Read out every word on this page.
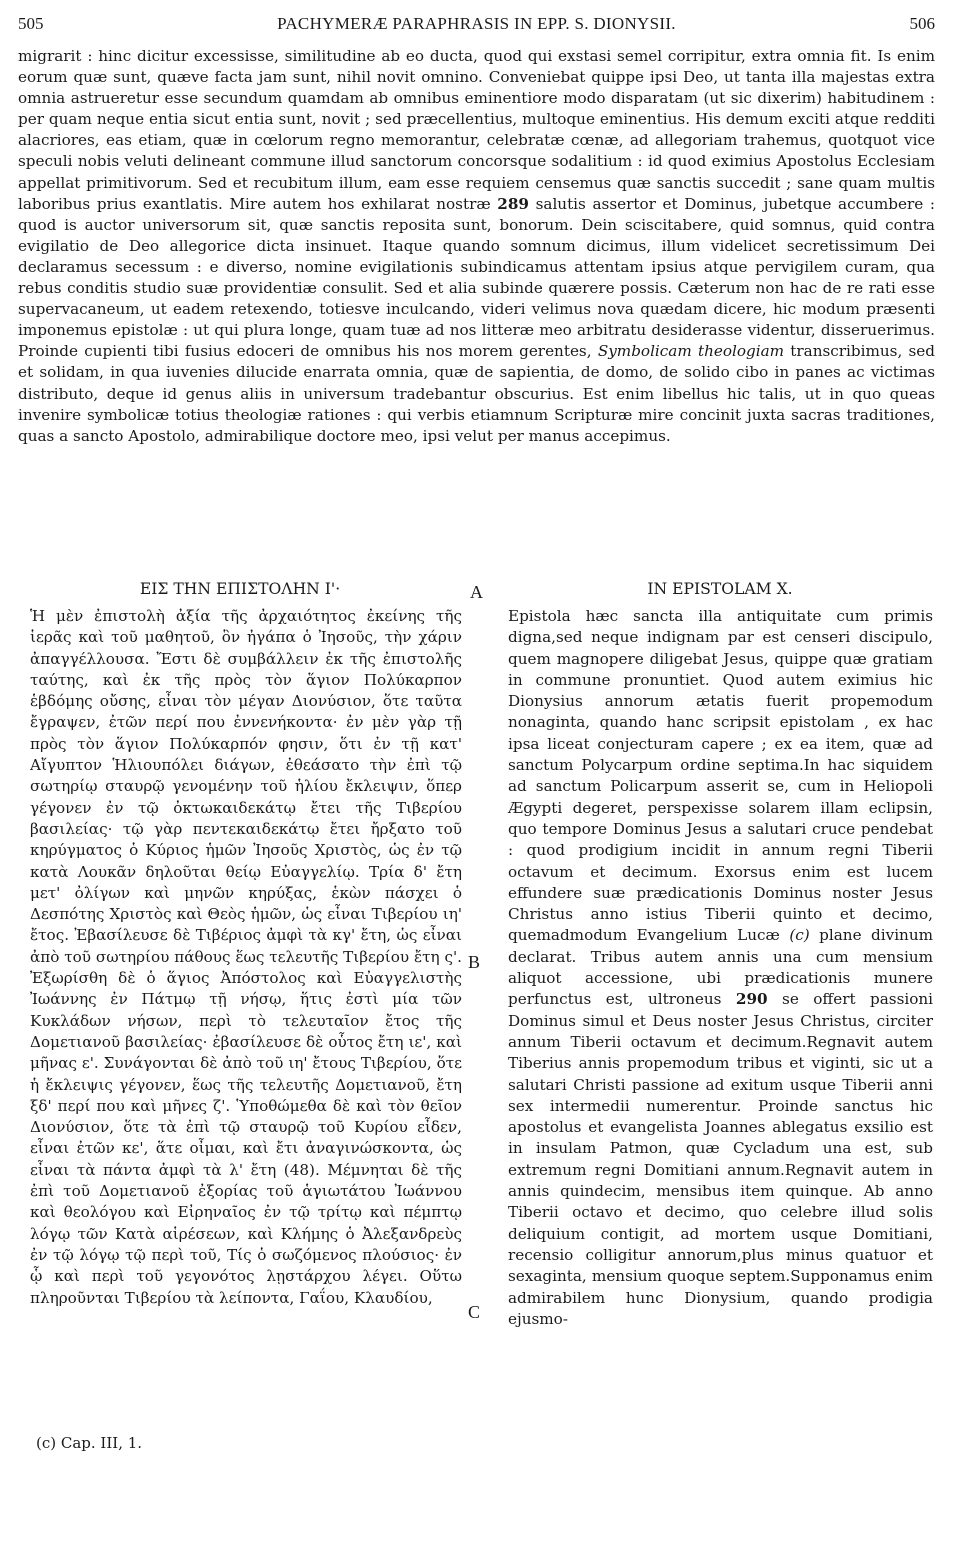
505	PACHYMERÆ PARAPHRASIS IN EPP. S. DIONYSII.	506

migrarit : hinc dicitur excessisse, similitudine ab eo ducta, quod qui exstasi semel corripitur, extra omnia fit. Is enim eorum quæ sunt, quæve facta jam sunt, nihil novit omnino. Conveniebat quippe ipsi Deo, ut tanta illa majestas extra omnia astrueretur esse secundum quamdam ab omnibus eminentiore modo disparatam (ut sic dixerim) habitudinem : per quam neque entia sicut entia sunt, novit ; sed præcellentius, multoque eminentius. His demum exciti atque redditi alacriores, eas etiam, quæ in cœlorum regno memorantur, celebratæ cœnæ, ad allegoriam trahemus, quotquot vice speculi nobis veluti delineant commune illud sanctorum concorsque sodalitium : id quod eximius Apostolus Ecclesiam appellat primitivorum. Sed et recubitum illum, eam esse requiem censemus quæ sanctis succedit ; sane quam multis laboribus prius exantlatis. Mire autem hos exhilarat nostræ 289 salutis assertor et Dominus, jubetque accumbere : quod is auctor universorum sit, quæ sanctis reposita sunt, bonorum. Dein sciscitabere, quid somnus, quid contra evigilatio de Deo allegorice dicta insinuet. Itaque quando somnum dicimus, illum videlicet secretissimum Dei declaramus secessum : e diverso, nomine evigilationis subindicamus attentam ipsius atque pervigilem curam, qua rebus conditis studio suæ providentiæ consulit. Sed et alia subinde quærere possis. Cæterum non hac de re rati esse supervacaneum, ut eadem retexendo, totiesve inculcando, videri velimus nova quædam dicere, hic modum præsenti imponemus epistolæ : ut qui plura longe, quam tuæ ad nos litteræ meo arbitratu desiderasse videntur, disseruerimus. Proinde cupienti tibi fusius edoceri de omnibus his nos morem gerentes, Symbolicam theologiam transcribimus, sed et solidam, in qua iuvenies dilucide enarrata omnia, quæ de sapientia, de domo, de solido cibo in panes ac victimas distributo, deque id genus aliis in universum tradebantur obscurius. Est enim libellus hic talis, ut in quo queas invenire symbolicæ totius theologiæ rationes : qui verbis etiamnum Scripturæ mire concinit juxta sacras traditiones, quas a sancto Apostolo, admirabilique doctore meo, ipsi velut per manus accepimus.

ΕΙΣ ΤΗΝ ΕΠΙΣΤΟΛΗΝ Ι'·	IN EPISTOLAM X.
A
B
C

Ἡ μὲν ἐπιστολὴ ἀξία τῆς ἀρχαιότητος ἐκείνης τῆς ἱερᾶς καὶ τοῦ μαθητοῦ, ὃν ἠγάπα ὁ Ἰησοῦς, τὴν χάριν ἀπαγγέλλουσα. Ἔστι δὲ συμβάλλειν ἐκ τῆς ἐπιστολῆς ταύτης, καὶ ἐκ τῆς πρὸς τὸν ἅγιον Πολύκαρπον ἑβδόμης οὔσης, εἶναι τὸν μέγαν Διονύσιον, ὅτε ταῦτα ἔγραψεν, ἐτῶν περί που ἐννενήκοντα· ἐν μὲν γὰρ τῇ πρὸς τὸν ἅγιον Πολύκαρπόν φησιν, ὅτι ἐν τῇ κατ' Αἴγυπτον Ἡλιουπόλει διάγων, ἐθεάσατο τὴν ἐπὶ τῷ σωτηρίῳ σταυρῷ γενομένην τοῦ ἡλίου ἔκλειψιν, ὅπερ γέγονεν ἐν τῷ ὀκτωκαιδεκάτῳ ἔτει τῆς Τιβερίου βασιλείας· τῷ γὰρ πεντεκαιδεκάτῳ ἔτει ἤρξατο τοῦ κηρύγματος ὁ Κύριος ἡμῶν Ἰησοῦς Χριστὸς, ὡς ἐν τῷ κατὰ Λουκᾶν δηλοῦται θείῳ Εὐαγγελίῳ. Τρία δ' ἔτη μετ' ὀλίγων καὶ μηνῶν κηρύξας, ἑκὼν πάσχει ὁ Δεσπότης Χριστὸς καὶ Θεὸς ἡμῶν, ὡς εἶναι Τιβερίου ιη' ἔτος. Ἐβασίλευσε δὲ Τιβέριος ἀμφὶ τὰ κγ' ἔτη, ὡς εἶναι ἀπὸ τοῦ σωτηρίου πάθους ἕως τελευτῆς Τιβερίου ἔτη ς'. Ἐξωρίσθη δὲ ὁ ἅγιος Ἀπόστολος καὶ Εὐαγγελιστὴς Ἰωάννης ἐν Πάτμῳ τῇ νήσῳ, ἥτις ἐστὶ μία τῶν Κυκλάδων νήσων, περὶ τὸ τελευταῖον ἔτος τῆς Δομετιανοῦ βασιλείας· ἐβασίλευσε δὲ οὗτος ἔτη ιε', καὶ μῆνας ε'. Συνάγονται δὲ ἀπὸ τοῦ ιη' ἔτους Τιβερίου, ὅτε ἡ ἔκλειψις γέγονεν, ἕως τῆς τελευτῆς Δομετιανοῦ, ἔτη ξδ' περί που καὶ μῆνες ζ'. Ὑποθώμεθα δὲ καὶ τὸν θεῖον Διονύσιον, ὅτε τὰ ἐπὶ τῷ σταυρῷ τοῦ Κυρίου εἶδεν, εἶναι ἐτῶν κε', ἅτε οἶμαι, καὶ ἔτι ἀναγινώσκοντα, ὡς εἶναι τὰ πάντα ἀμφὶ τὰ λ' ἔτη (48). Μέμνηται δὲ τῆς ἐπὶ τοῦ Δομετιανοῦ ἐξορίας τοῦ ἁγιωτάτου Ἰωάννου καὶ θεολόγου καὶ Εἰρηναῖος ἐν τῷ τρίτῳ καὶ πέμπτῳ λόγῳ τῶν Κατὰ αἱρέσεων, καὶ Κλήμης ὁ Ἀλεξανδρεὺς ἐν τῷ λόγῳ τῷ περὶ τοῦ, Τίς ὁ σωζόμενος πλούσιος· ἐν ᾧ καὶ περὶ τοῦ γεγονότος λῃστάρχου λέγει. Οὕτω πληροῦνται Τιβερίου τὰ λείποντα, Γαΐου, Κλαυδίου,

Epistola hæc sancta illa antiquitate cum primis digna,sed neque indignam par est censeri discipulo, quem magnopere diligebat Jesus, quippe quæ gratiam in commune pronuntiet. Quod autem eximius hic Dionysius annorum ætatis fuerit propemodum nonaginta, quando hanc scripsit epistolam , ex hac ipsa liceat conjecturam capere ; ex ea item, quæ ad sanctum Polycarpum ordine septima.In hac siquidem ad sanctum Policarpum asserit se, cum in Heliopoli Ægypti degeret, perspexisse solarem illam eclipsin, quo tempore Dominus Jesus a salutari cruce pendebat : quod prodigium incidit in annum regni Tiberii octavum et decimum. Exorsus enim est lucem effundere suæ prædicationis Dominus noster Jesus Christus anno istius Tiberii quinto et decimo, quemadmodum Evangelium Lucæ (c) plane divinum declarat. Tribus autem annis una cum mensium aliquot accessione, ubi prædicationis munere perfunctus est, ultroneus 290 se offert passioni Dominus simul et Deus noster Jesus Christus, circiter annum Tiberii octavum et decimum.Regnavit autem Tiberius annis propemodum tribus et viginti, sic ut a salutari Christi passione ad exitum usque Tiberii anni sex intermedii numerentur. Proinde sanctus hic apostolus et evangelista Joannes ablegatus exsilio est in insulam Patmon, quæ Cycladum una est, sub extremum regni Domitiani annum.Regnavit autem in annis quindecim, mensibus item quinque. Ab anno Tiberii octavo et decimo, quo celebre illud solis deliquium contigit, ad mortem usque Domitiani, recensio colligitur annorum,plus minus quatuor et sexaginta, mensium quoque septem.Supponamus enim admirabilem hunc Dionysium, quando prodigia ejusmo-

(c) Cap. III, 1.
